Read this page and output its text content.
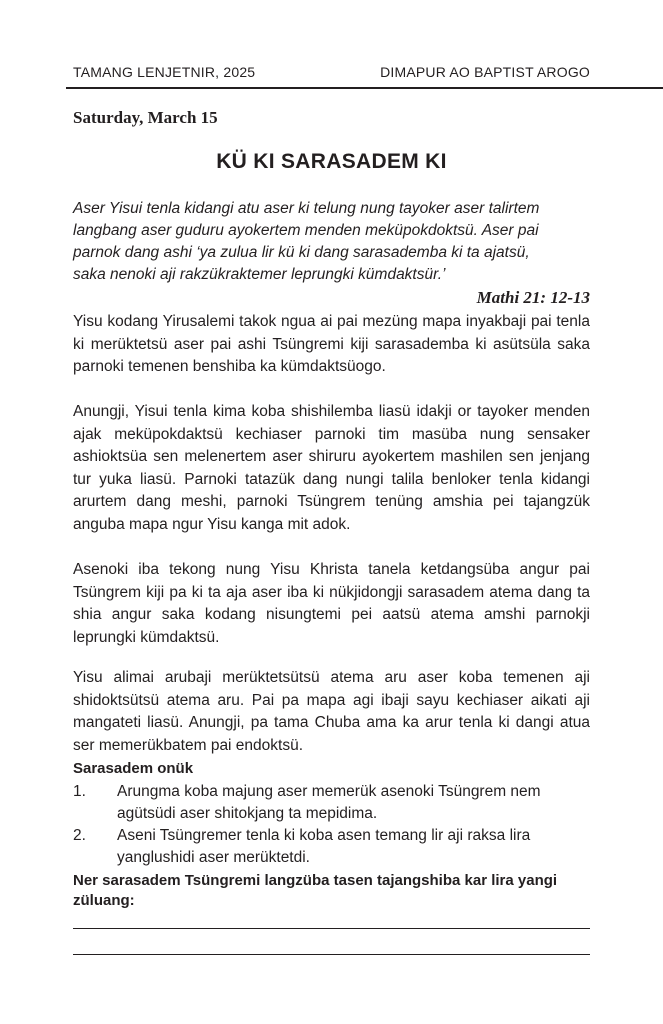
TAMANG LENJETNIR, 2025	DIMAPUR AO BAPTIST AROGO
Saturday, March 15
KÜ KI SARASADEM KI
Aser Yisui tenla kidangi atu aser ki telung nung tayoker aser talirtem
langbang aser guduru ayokertem menden meküpokdoktsü. Aser pai
parnok dang ashi ‘ya zulua lir kü ki dang sarasademba ki ta ajatsü,
saka nenoki aji rakzükraktemer leprungki kümdaktsür.’
Mathi 21: 12-13
Yisu kodang Yirusalemi takok ngua ai pai mezüng mapa inyakbaji pai tenla ki merüktetsü aser pai ashi Tsüngremi kiji sarasademba ki asütsüla saka parnoki temenen benshiba ka kümdaktsüogo.
Anungji, Yisui tenla kima koba shishilemba liasü idakji or tayoker menden ajak meküpokdaktsü kechiaser parnoki tim masüba nung sensaker ashioktsüa sen melenertem aser shiruru ayokertem mashilen sen jenjang tur yuka liasü. Parnoki tatazük dang nungi talila benloker tenla kidangi arurtem dang meshi, parnoki Tsüngrem tenüng amshia pei tajangzük anguba mapa ngur Yisu kanga mit adok.
Asenoki iba tekong nung Yisu Khrista tanela ketdangsüba angur pai Tsüngrem kiji pa ki ta aja aser iba ki nükjidongji sarasadem atema dang ta shia angur saka kodang nisungtemi pei aatsü atema amshi parnokji leprungki kümdaktsü.
Yisu alimai arubaji merüktetsütsü atema aru aser koba temenen aji shidoktsütsü atema aru. Pai pa mapa agi ibaji sayu kechiaser aikati aji mangateti liasü. Anungji, pa tama Chuba ama ka arur tenla ki dangi atua ser memerükbatem pai endoktsü.
Sarasadem onük
1. Arungma koba majung aser memerük asenoki Tsüngrem nem agütsüdi aser shitokjang ta mepidima.
2. Aseni Tsüngremer tenla ki koba asen temang lir aji raksa lira yanglushidi aser merüktetdi.
Ner sarasadem Tsüngremi langzüba tasen tajangshiba kar lira yangi züluang:
